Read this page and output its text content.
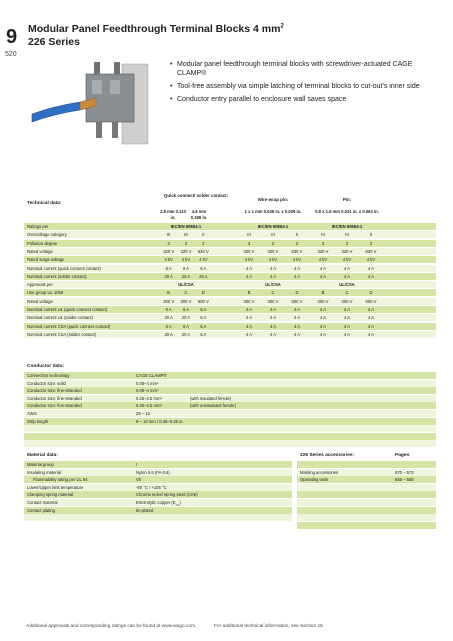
9
520
Modular Panel Feedthrough Terminal Blocks 4 $mm^2$
226 Series
• Modular panel feedthrough terminal blocks with screwdriver-actuated CAGE CLAMP®
• Tool-free assembly via simple latching of terminal blocks to cut-out’s inner side
• Conductor entry parallel to enclosure wall saves space
Technical data:
Quick connect/ solder contact:
Wire-wrap pin:	Pin:
2.8 mm 0.110 in.
4.8 mm 0.189 in.
1 x 1 mm 0.039 in. x 0.039 in.	0.8 x 1.6 mm 0.031 in. x 0.063 in.
Ratings per	IEC/EN 60664-1	IEC/EN 60664-1	IEC/EN 60664-1
Overvoltage category	III	III	II	III	III	II	III	III	II
Pollution degree	3	2	2	3	2	2	3	2	2
Rated voltage	320 V	320 V	630 V	320 V	320 V	630 V	320 V	320 V	630 V
Rated surge voltage	4 kV	4 kV	4 kV	4 kV	4 kV	4 kV	4 kV	4 kV	4 kV
Nominal current (quick connect contact)	6 A	6 A	6 A	4 A	4 A	4 A	4 A	4 A	4 A
Nominal current (solder contact)	20 A	20 A	20 A	4 A	4 A	4 A	4 A	4 A	4 A
Approvals per	UL/CSA	UL/CSA	UL/CSA
Use group UL 1059	B	C	D	B	C	D	B	C	D
Rated voltage	300 V	300 V	600 V	300 V	300 V	600 V	300 V	300 V	600 V
Nominal current UL (quick connect contact)	6 A	6 A	5 A	4 A	4 A	4 A	4 A	4 A	4 A
Nominal current UL (solder contact)	20 A	20 A	5 A	4 A	4 A	4 A	4 A	4 A	4 A
Nominal current CSA (quick connect contact)	6 A	6 A	5 A	4 A	4 A	4 A	4 A	4 A	4 A
Nominal current CSA (solder contact)	20 A	20 A	5 A	4 A	4 A	4 A	4 A	4 A	4 A
Conductor data:
Connection technology	CAGE CLAMP®
Conductor size: solid	0.08–4 mm²
Conductor size: fine-stranded	0.08–4 mm²
Conductor size: fine-stranded	0.25–2.5 mm²	(with insulated ferrule)
Conductor size: fine-stranded	0.25–2.5 mm²	(with uninsulated ferrule)
AWG	28 – 12
Strip length	9 – 10 mm / 0.35–0.39 in.
Material data:
Material group	I
Insulating material	Nylon 6.6 (PA 6.6)
Flammability rating per UL 94	V0
Lower/Upper limit temperature	-60 °C / +105 °C
Clamping spring material	Chrome nickel spring steel (CrNi)
Contact material	Electrolytic copper $(E_{Cu})$
Contact plating	tin-plated
226 Series accessories:	Pages:
Marking accessories	570 – 573
Operating tools	556 – 558
Additional approvals and corresponding ratings can be found at www.wago.com.	For additional technical information, see Section 15.
